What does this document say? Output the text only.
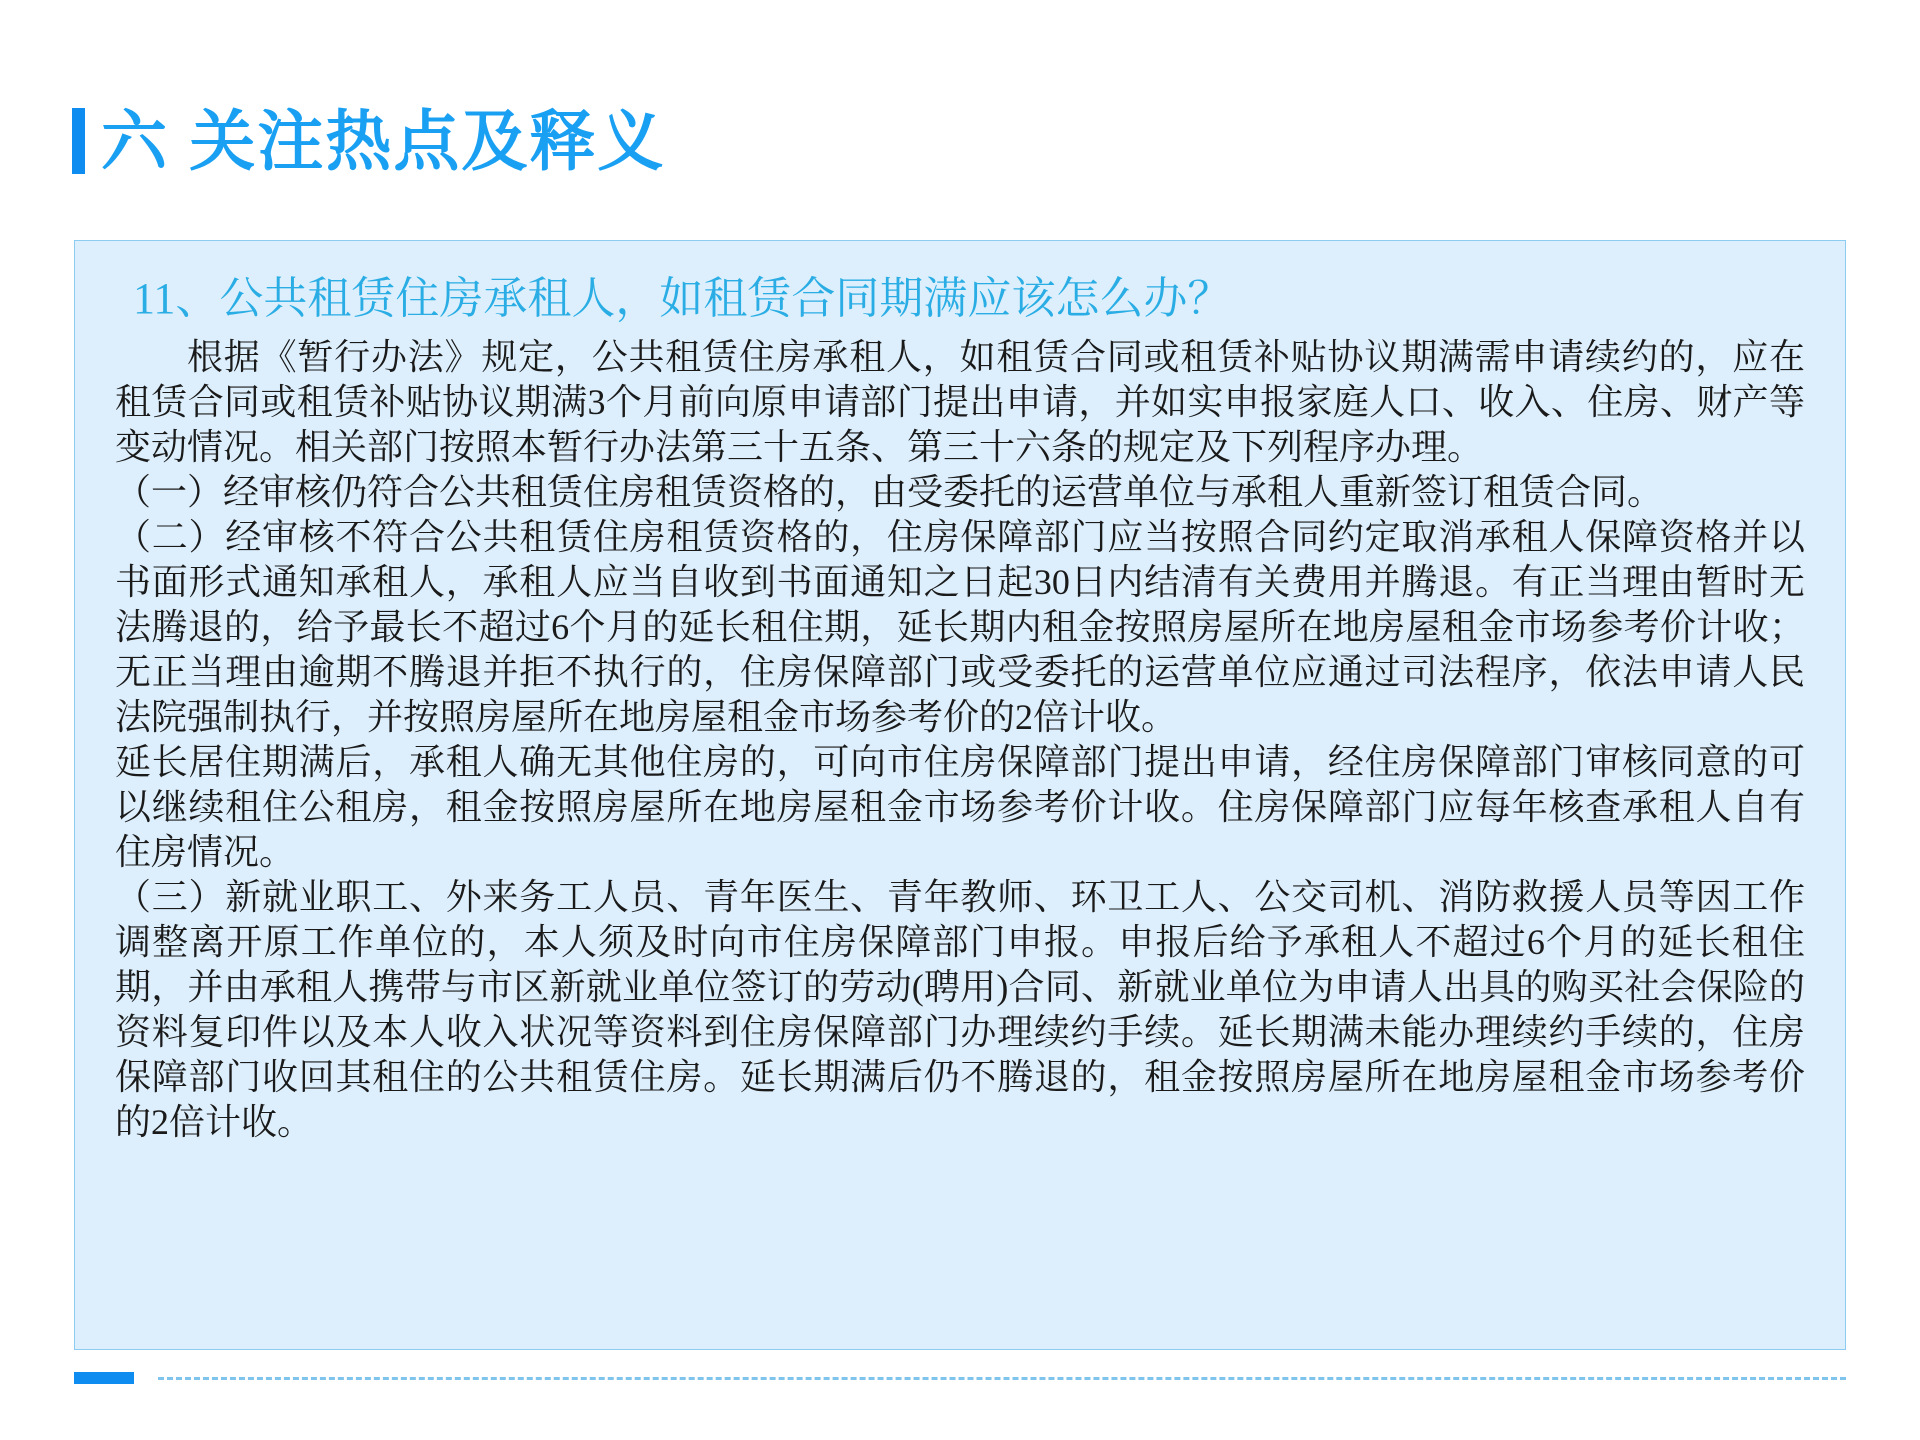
六 关注热点及释义
11、公共租赁住房承租人，如租赁合同期满应该怎么办？

根据《暂行办法》规定，公共租赁住房承租人，如租赁合同或租赁补贴协议期满需申请续约的，应在租赁合同或租赁补贴协议期满3个月前向原申请部门提出申请，并如实申报家庭人口、收入、住房、财产等变动情况。相关部门按照本暂行办法第三十五条、第三十六条的规定及下列程序办理。

（一）经审核仍符合公共租赁住房租赁资格的，由受委托的运营单位与承租人重新签订租赁合同。

（二）经审核不符合公共租赁住房租赁资格的，住房保障部门应当按照合同约定取消承租人保障资格并以书面形式通知承租人，承租人应当自收到书面通知之日起30日内结清有关费用并腾退。有正当理由暂时无法腾退的，给予最长不超过6个月的延长租住期，延长期内租金按照房屋所在地房屋租金市场参考价计收；无正当理由逾期不腾退并拒不执行的，住房保障部门或受委托的运营单位应通过司法程序，依法申请人民法院强制执行，并按照房屋所在地房屋租金市场参考价的2倍计收。

延长居住期满后，承租人确无其他住房的，可向市住房保障部门提出申请，经住房保障部门审核同意的可以继续租住公租房，租金按照房屋所在地房屋租金市场参考价计收。住房保障部门应每年核查承租人自有住房情况。

（三）新就业职工、外来务工人员、青年医生、青年教师、环卫工人、公交司机、消防救援人员等因工作调整离开原工作单位的，本人须及时向市住房保障部门申报。申报后给予承租人不超过6个月的延长租住期，并由承租人携带与市区新就业单位签订的劳动(聘用)合同、新就业单位为申请人出具的购买社会保险的资料复印件以及本人收入状况等资料到住房保障部门办理续约手续。延长期满未能办理续约手续的，住房保障部门收回其租住的公共租赁住房。延长期满后仍不腾退的，租金按照房屋所在地房屋租金市场参考价的2倍计收。
